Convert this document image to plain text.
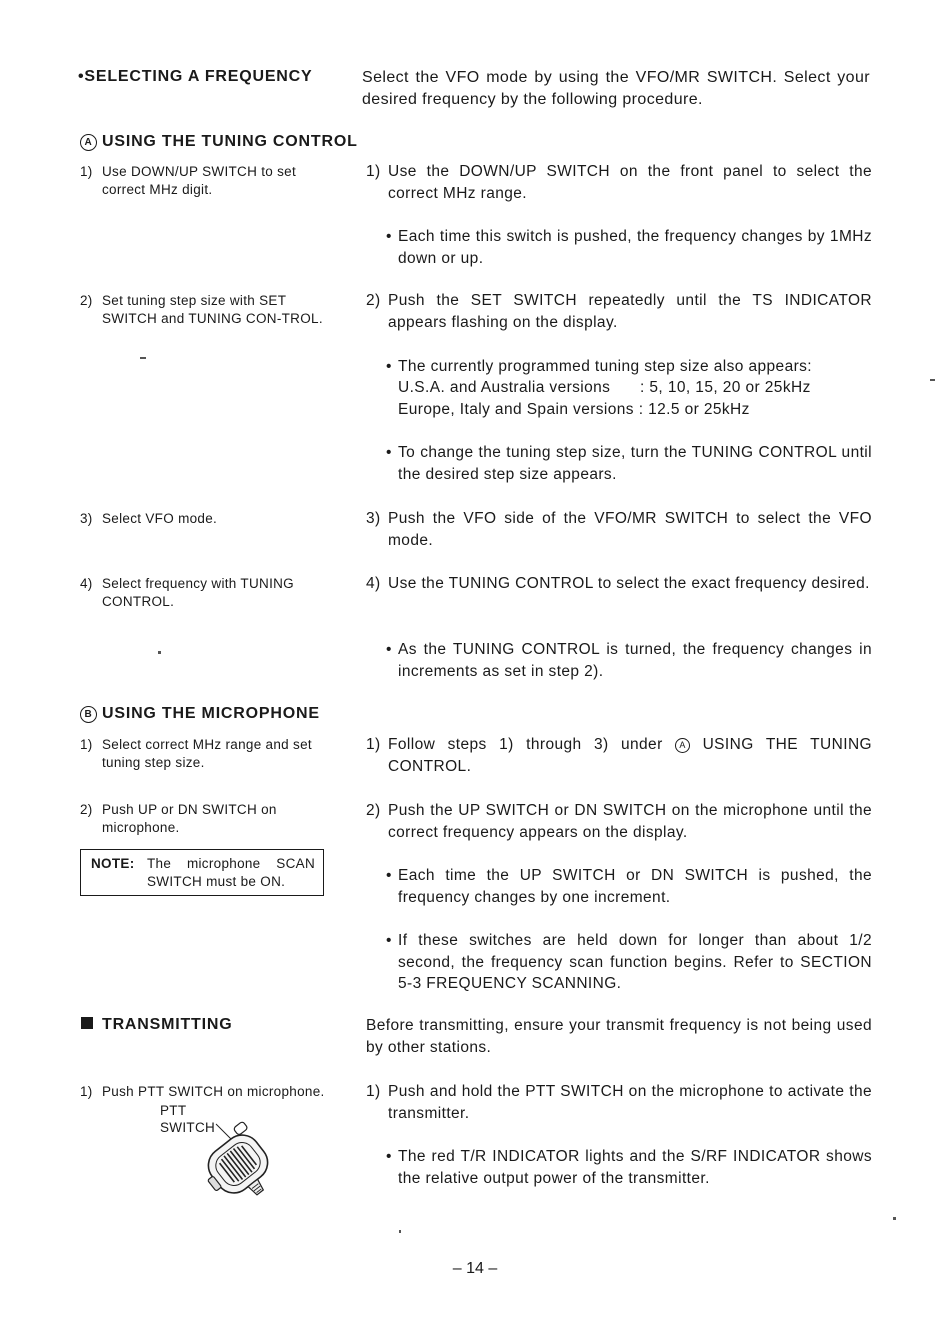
•SELECTING A FREQUENCY	Select the VFO mode by using the VFO/MR SWITCH. Select your desired frequency by the following procedure.
A USING THE TUNING CONTROL
1) Use DOWN/UP SWITCH to set correct MHz digit.
2) Set tuning step size with SET SWITCH and TUNING CON-TROL.
3) Select VFO mode.
4) Select frequency with TUNING CONTROL.
1) Use the DOWN/UP SWITCH on the front panel to select the correct MHz range.
• Each time this switch is pushed, the frequency changes by 1MHz down or up.
2) Push the SET SWITCH repeatedly until the TS INDICATOR appears flashing on the display.
• The currently programmed tuning step size also appears:
U.S.A. and Australia versions : 5, 10, 15, 20 or 25kHz
Europe, Italy and Spain versions : 12.5 or 25kHz
• To change the tuning step size, turn the TUNING CONTROL until the desired step size appears.
3) Push the VFO side of the VFO/MR SWITCH to select the VFO mode.
4) Use the TUNING CONTROL to select the exact frequency desired.
• As the TUNING CONTROL is turned, the frequency changes in increments as set in step 2).
B USING THE MICROPHONE
1) Select correct MHz range and set tuning step size.
2) Push UP or DN SWITCH on microphone.
NOTE: The microphone SCAN SWITCH must be ON.
1) Follow steps 1) through 3) under A USING THE TUNING CONTROL.
2) Push the UP SWITCH or DN SWITCH on the microphone until the correct frequency appears on the display.
• Each time the UP SWITCH or DN SWITCH is pushed, the frequency changes by one increment.
• If these switches are held down for longer than about 1/2 second, the frequency scan function begins. Refer to SECTION 5-3 FREQUENCY SCANNING.
TRANSMITTING	Before transmitting, ensure your transmit frequency is not being used by other stations.
1) Push PTT SWITCH on microphone.
PTT
SWITCH
1) Push and hold the PTT SWITCH on the microphone to activate the transmitter.
• The red T/R INDICATOR lights and the S/RF INDICATOR shows the relative output power of the transmitter.
– 14 –
